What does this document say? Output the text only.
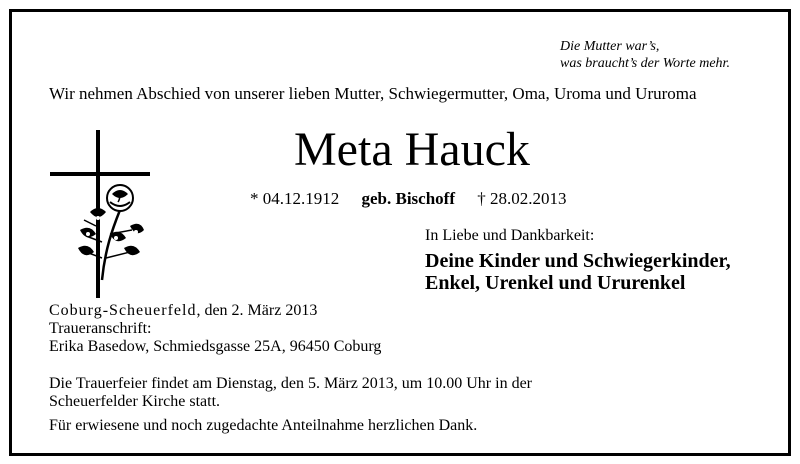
Die Mutter war’s,
was braucht’s der Worte mehr.
Wir nehmen Abschied von unserer lieben Mutter, Schwiegermutter, Oma, Uroma und Ururoma
Meta Hauck
* 04.12.1912 geb. Bischoff † 28.02.2013
In Liebe und Dankbarkeit:
Deine Kinder und Schwiegerkinder,
Enkel, Urenkel und Ururenkel
Coburg-Scheuerfeld, den 2. März 2013
Traueranschrift:
Erika Basedow, Schmiedsgasse 25A, 96450 Coburg
Die Trauerfeier findet am Dienstag, den 5. März 2013, um 10.00 Uhr in der
Scheuerfelder Kirche statt.
Für erwiesene und noch zugedachte Anteilnahme herzlichen Dank.
